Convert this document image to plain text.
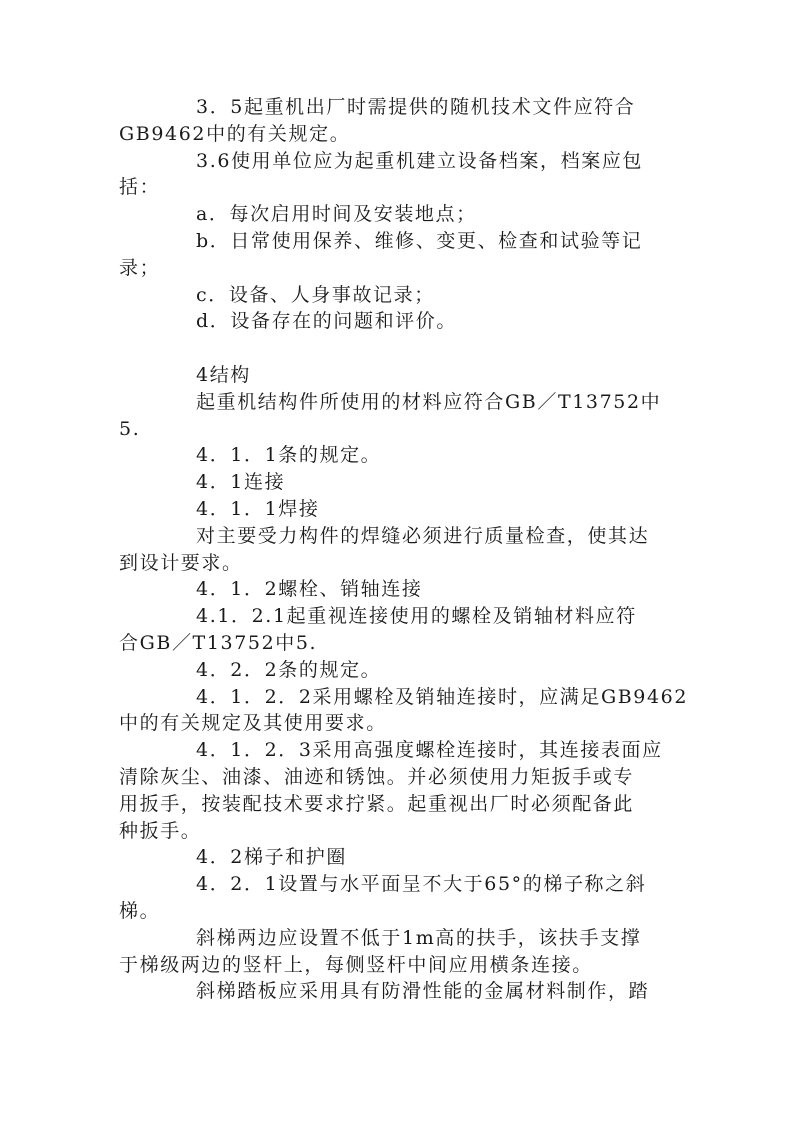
3．5起重机出厂时需提供的随机技术文件应符合
GB9462中的有关规定。
3.6使用单位应为起重机建立设备档案，档案应包
括：
a．每次启用时间及安装地点；
b．日常使用保养、维修、变更、检查和试验等记
录；
c．设备、人身事故记录；
d．设备存在的问题和评价。
4结构
起重机结构件所使用的材料应符合GB／T13752中
5.
4．1．1条的规定。
4．1连接
4．1．1焊接
对主要受力构件的焊缝必须进行质量检查，使其达
到设计要求。
4．1．2螺栓、销轴连接
4.1．2.1起重视连接使用的螺栓及销轴材料应符
合GB／T13752中5.
4．2．2条的规定。
4．1．2．2采用螺栓及销轴连接时，应满足GB9462
中的有关规定及其使用要求。
4．1．2．3采用高强度螺栓连接时，其连接表面应
清除灰尘、油漆、油迹和锈蚀。并必须使用力矩扳手或专
用扳手，按装配技术要求拧紧。起重视出厂时必须配备此
种扳手。
4．2梯子和护圈
4．2．1设置与水平面呈不大于65°的梯子称之斜
梯。
斜梯两边应设置不低于1m高的扶手，该扶手支撑
于梯级两边的竖杆上，每侧竖杆中间应用横条连接。
斜梯踏板应采用具有防滑性能的金属材料制作，踏
